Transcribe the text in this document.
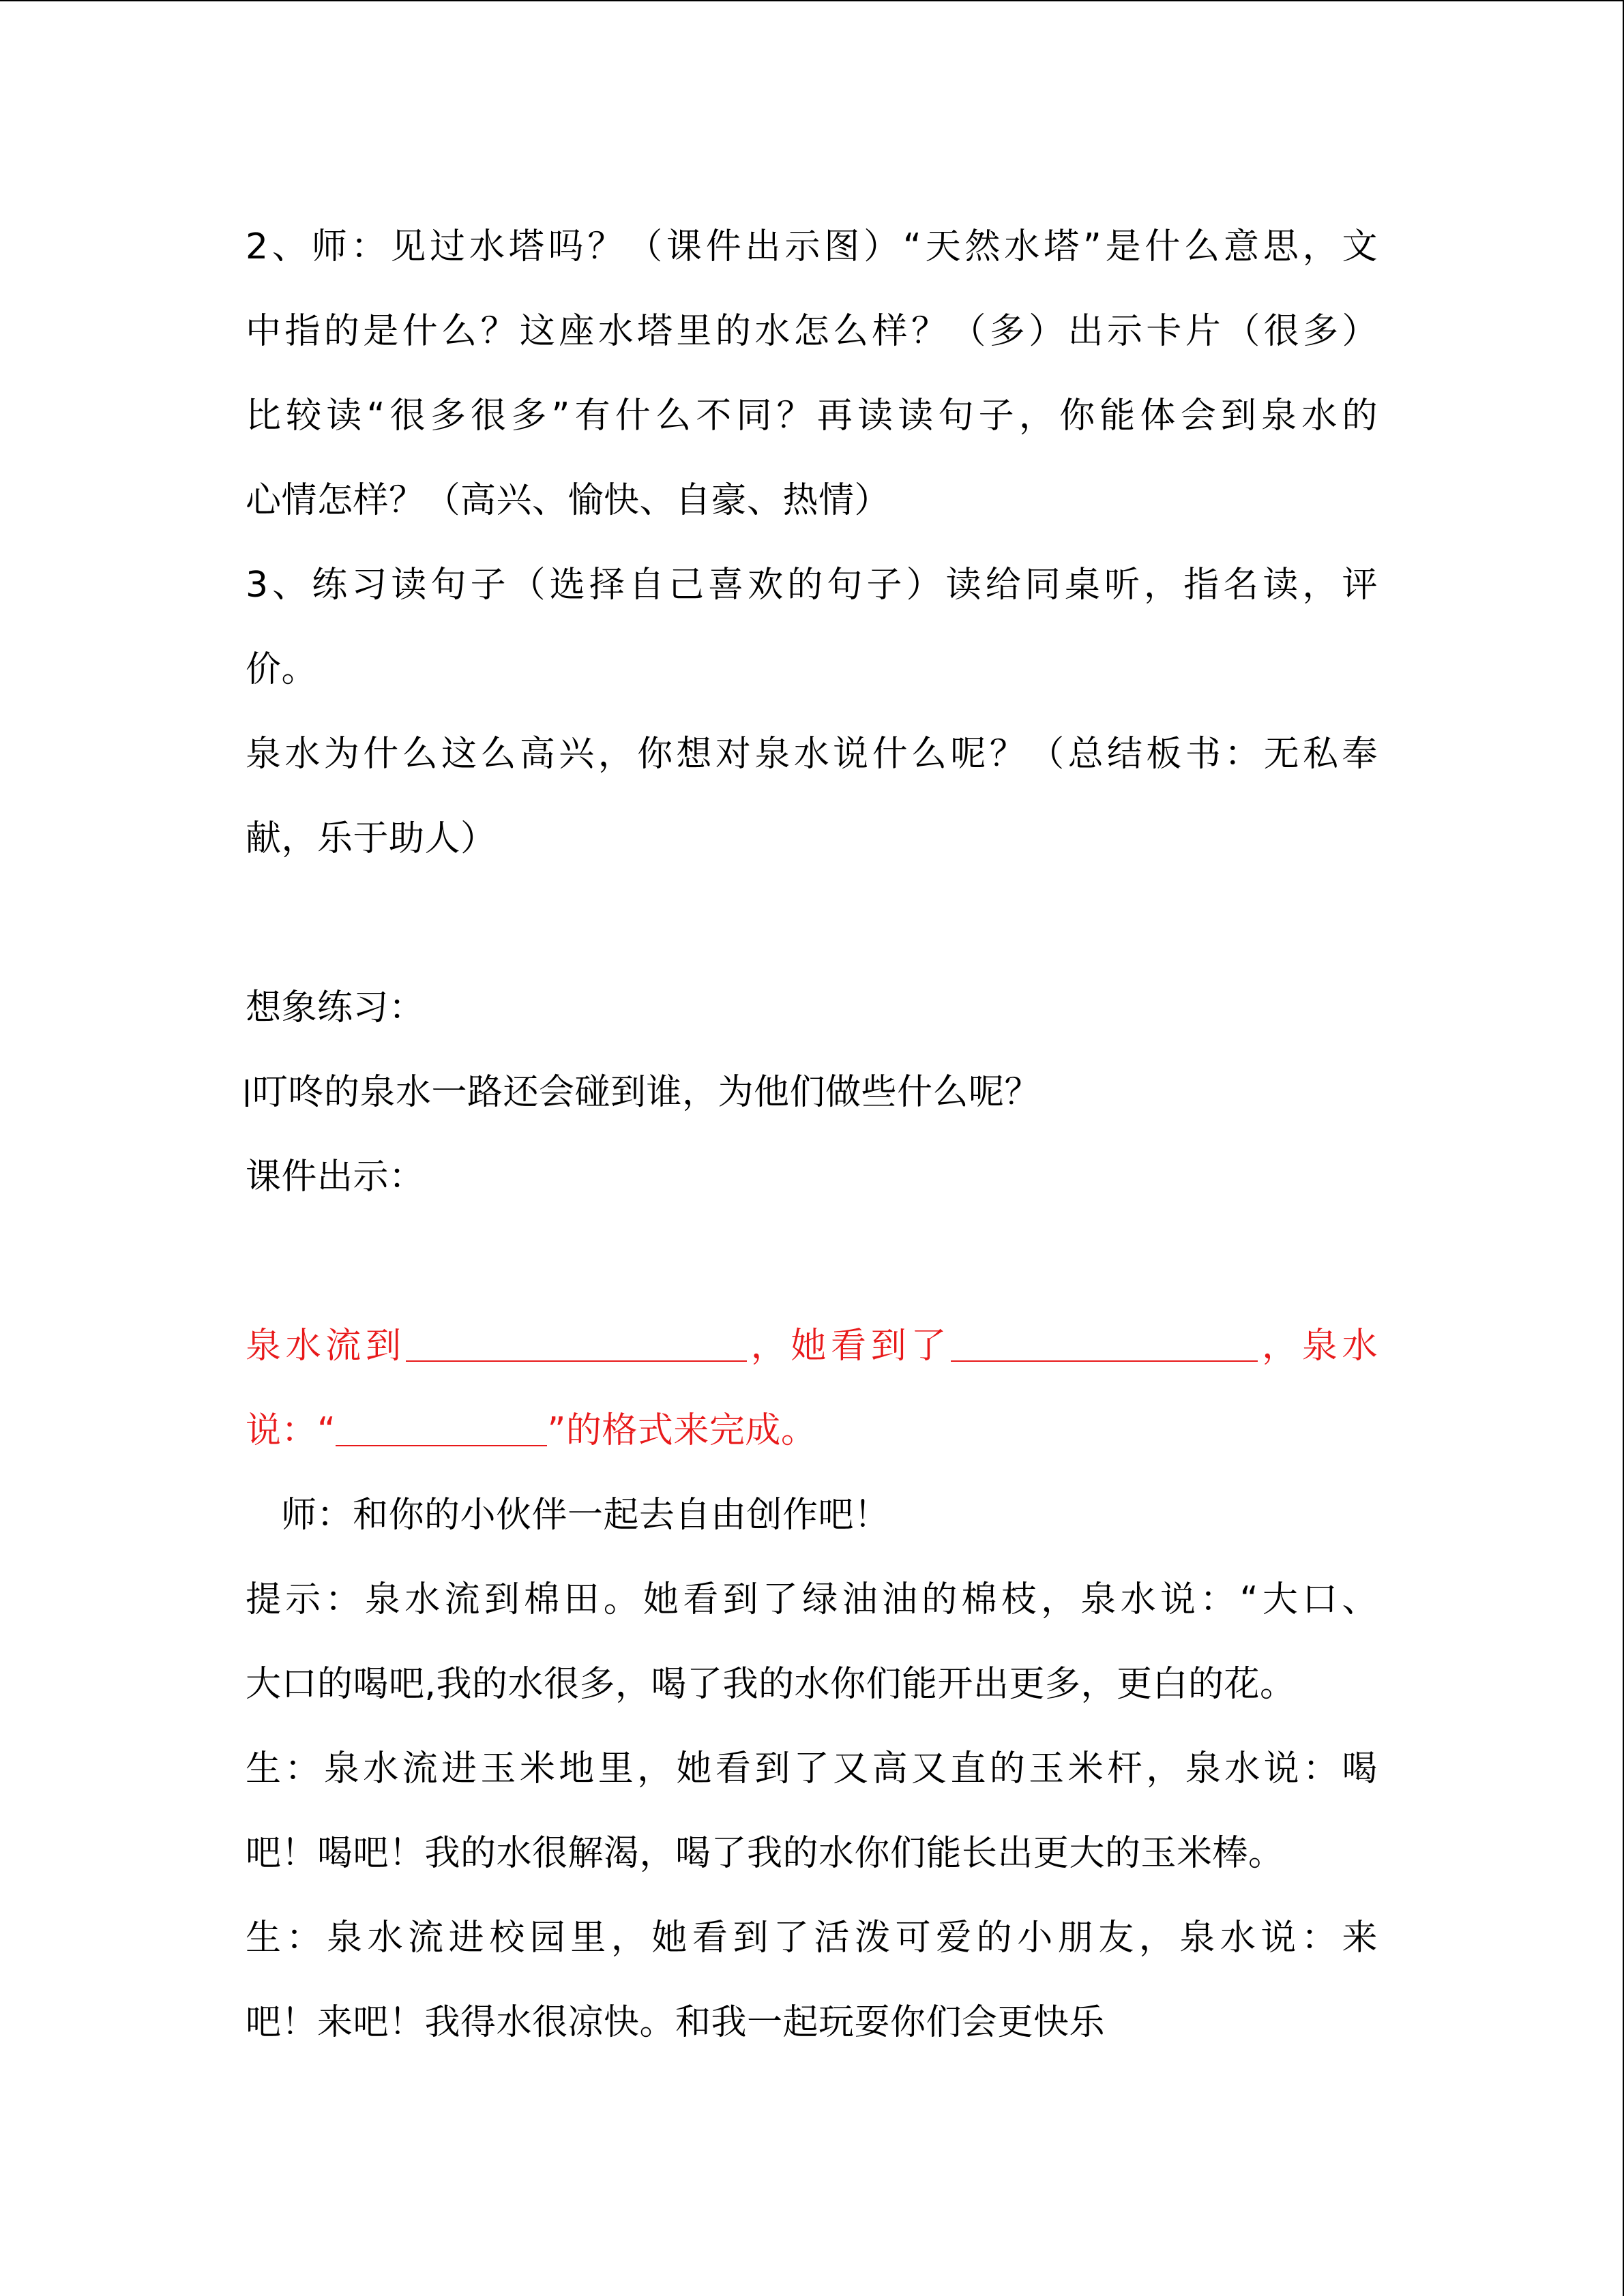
2、师：见过水塔吗？（课件出示图）“天然水塔”是什么意思，文
中指的是什么？这座水塔里的水怎么样？（多）出示卡片（很多）
比较读“很多很多”有什么不同？再读读句子，你能体会到泉水的
心情怎样？（高兴、愉快、自豪、热情）
3、练习读句子（选择自己喜欢的句子）读给同桌听，指名读，评
价。
泉水为什么这么高兴，你想对泉水说什么呢？（总结板书：无私奉
献，乐于助人）
想象练习：
叮咚的泉水一路还会碰到谁，为他们做些什么呢？
课件出示：
泉水流到	，她看到了	，泉水
说：“	”的格式来完成。
师：和你的小伙伴一起去自由创作吧！
提示：泉水流到棉田。她看到了绿油油的棉枝，泉水说：“大口、
大口的喝吧,我的水很多，喝了我的水你们能开出更多，更白的花。
生：泉水流进玉米地里，她看到了又高又直的玉米杆，泉水说：喝
吧！喝吧！我的水很解渴，喝了我的水你们能长出更大的玉米棒。
生：泉水流进校园里，她看到了活泼可爱的小朋友，泉水说：来
吧！来吧！我得水很凉快。和我一起玩耍你们会更快乐
